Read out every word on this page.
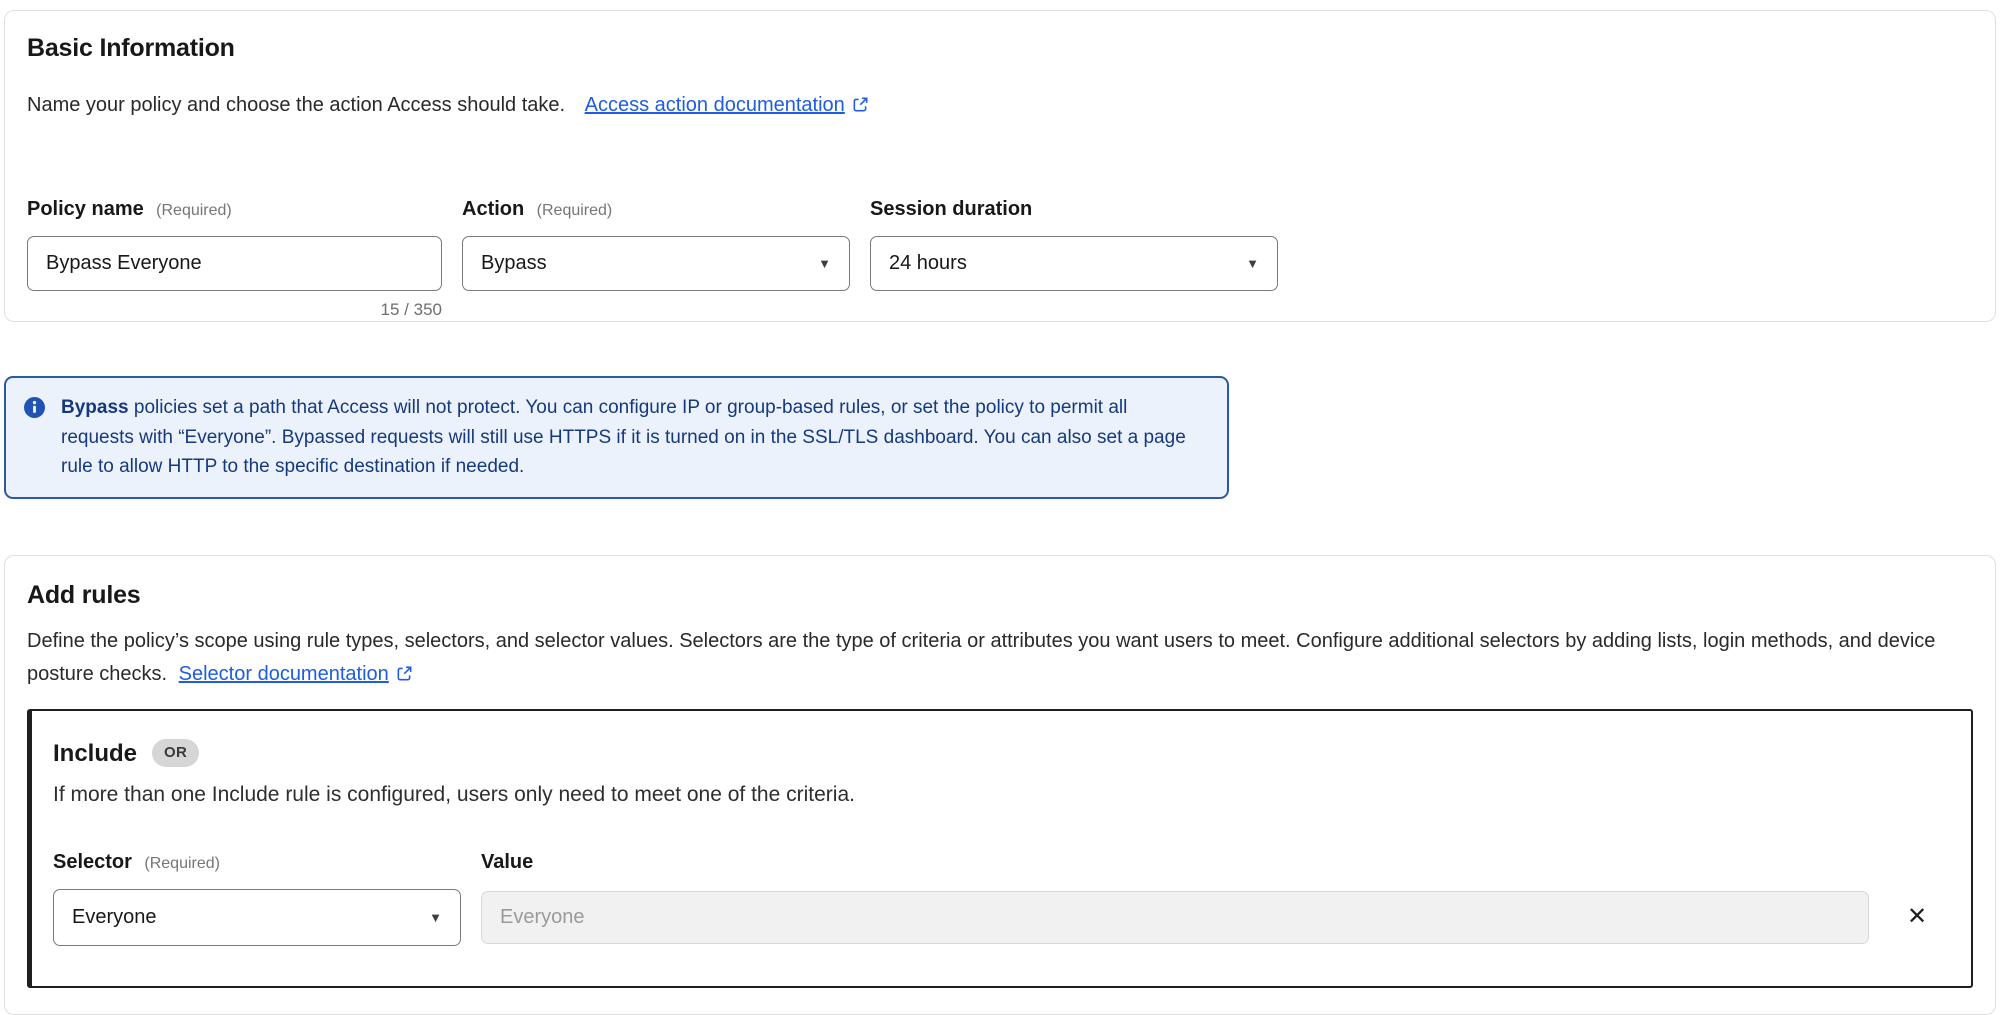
Basic Information

Name your policy and choose the action Access should take. Access action documentation

Policy name (Required)
Bypass Everyone
15 / 350
Action (Required)
Bypass	▼
Session duration
24 hours	▼

Bypass policies set a path that Access will not protect. You can configure IP or group-based rules, or set the policy to permit all requests with “Everyone”. Bypassed requests will still use HTTPS if it is turned on in the SSL/TLS dashboard. You can also set a page rule to allow HTTP to the specific destination if needed.

Add rules

Define the policy’s scope using rule types, selectors, and selector values. Selectors are the type of criteria or attributes you want users to meet. Configure additional selectors by adding lists, login methods, and device posture checks. Selector documentation

Include	OR

If more than one Include rule is configured, users only need to meet one of the criteria.

Selector (Required)
Everyone	▼
Value
Everyone
✕
